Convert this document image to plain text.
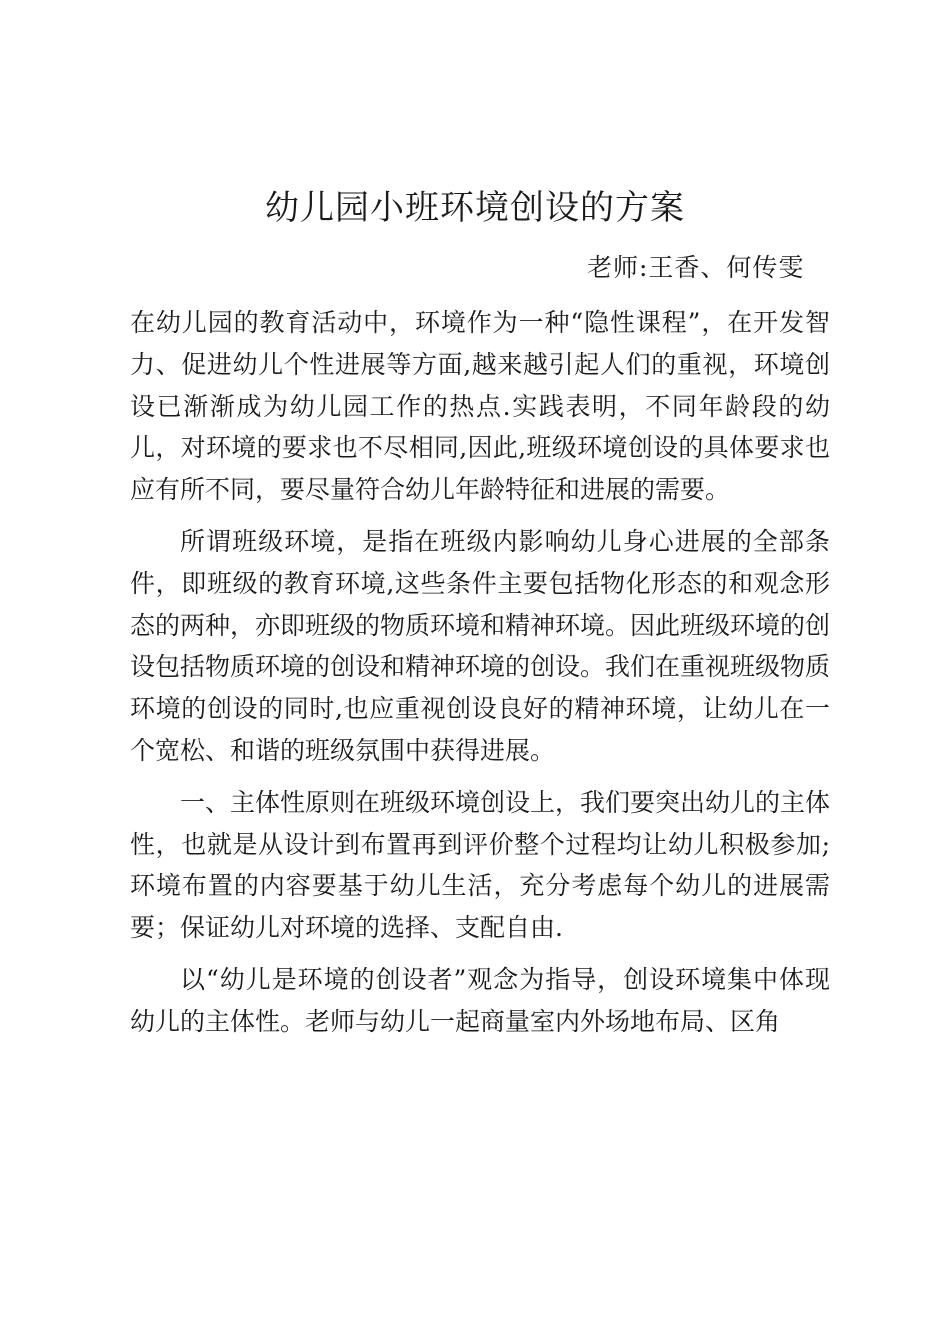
幼儿园小班环境创设的方案
老师:王香、何传雯

在幼儿园的教育活动中，环境作为一种“隐性课程”，在开发智力、促进幼儿个性进展等方面,越来越引起人们的重视，环境创设已渐渐成为幼儿园工作的热点.实践表明，不同年龄段的幼儿，对环境的要求也不尽相同,因此,班级环境创设的具体要求也应有所不同，要尽量符合幼儿年龄特征和进展的需要。

所谓班级环境，是指在班级内影响幼儿身心进展的全部条件，即班级的教育环境,这些条件主要包括物化形态的和观念形态的两种，亦即班级的物质环境和精神环境。因此班级环境的创设包括物质环境的创设和精神环境的创设。我们在重视班级物质环境的创设的同时,也应重视创设良好的精神环境，让幼儿在一个宽松、和谐的班级氛围中获得进展。

一、主体性原则在班级环境创设上，我们要突出幼儿的主体性，也就是从设计到布置再到评价整个过程均让幼儿积极参加;环境布置的内容要基于幼儿生活，充分考虑每个幼儿的进展需要；保证幼儿对环境的选择、支配自由.

以“幼儿是环境的创设者”观念为指导，创设环境集中体现幼儿的主体性。老师与幼儿一起商量室内外场地布局、区角
